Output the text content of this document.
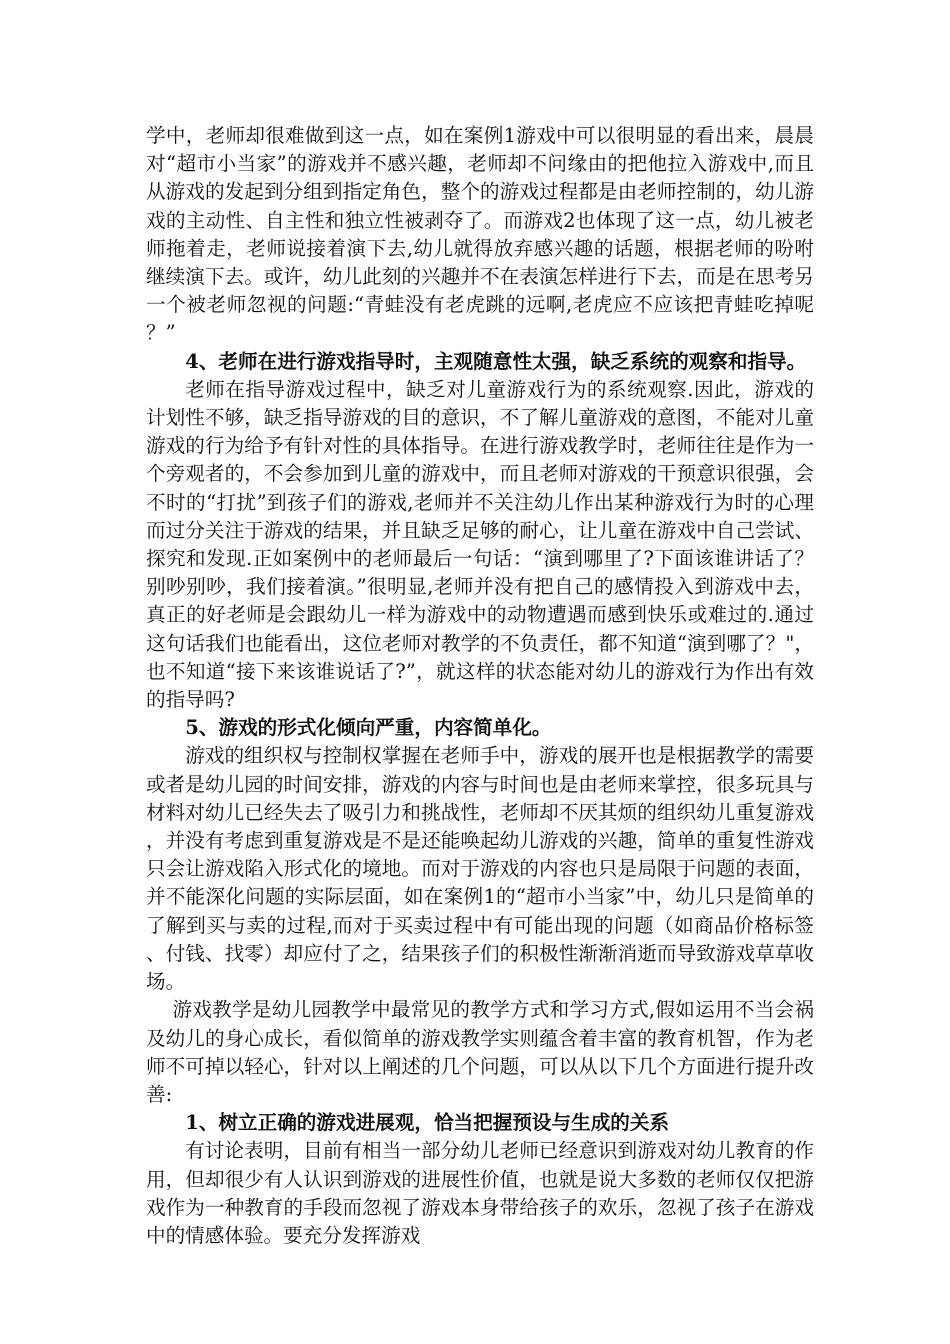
学中，老师却很难做到这一点，如在案例1游戏中可以很明显的看出来，晨晨对“超市小当家”的游戏并不感兴趣，老师却不问缘由的把他拉入游戏中,而且从游戏的发起到分组到指定角色，整个的游戏过程都是由老师控制的，幼儿游戏的主动性、自主性和独立性被剥夺了。而游戏2也体现了这一点，幼儿被老师拖着走，老师说接着演下去,幼儿就得放弃感兴趣的话题，根据老师的吩咐继续演下去。或许，幼儿此刻的兴趣并不在表演怎样进行下去，而是在思考另一个被老师忽视的问题:“青蛙没有老虎跳的远啊,老虎应不应该把青蛙吃掉呢？”

4、老师在进行游戏指导时，主观随意性太强，缺乏系统的观察和指导。

老师在指导游戏过程中，缺乏对儿童游戏行为的系统观察.因此，游戏的计划性不够，缺乏指导游戏的目的意识，不了解儿童游戏的意图，不能对儿童游戏的行为给予有针对性的具体指导。在进行游戏教学时，老师往往是作为一个旁观者的，不会参加到儿童的游戏中，而且老师对游戏的干预意识很强，会不时的“打扰”到孩子们的游戏,老师并不关注幼儿作出某种游戏行为时的心理而过分关注于游戏的结果，并且缺乏足够的耐心，让儿童在游戏中自己尝试、探究和发现.正如案例中的老师最后一句话：“演到哪里了?下面该谁讲话了？别吵别吵，我们接着演。”很明显,老师并没有把自己的感情投入到游戏中去，真正的好老师是会跟幼儿一样为游戏中的动物遭遇而感到快乐或难过的.通过这句话我们也能看出，这位老师对教学的不负责任，都不知道“演到哪了？"，也不知道“接下来该谁说话了?”，就这样的状态能对幼儿的游戏行为作出有效的指导吗?

5、游戏的形式化倾向严重，内容简单化。

游戏的组织权与控制权掌握在老师手中，游戏的展开也是根据教学的需要或者是幼儿园的时间安排，游戏的内容与时间也是由老师来掌控，很多玩具与材料对幼儿已经失去了吸引力和挑战性，老师却不厌其烦的组织幼儿重复游戏，并没有考虑到重复游戏是不是还能唤起幼儿游戏的兴趣，简单的重复性游戏只会让游戏陷入形式化的境地。而对于游戏的内容也只是局限于问题的表面，并不能深化问题的实际层面，如在案例1的“超市小当家”中，幼儿只是简单的了解到买与卖的过程,而对于买卖过程中有可能出现的问题（如商品价格标签、付钱、找零）却应付了之，结果孩子们的积极性渐渐消逝而导致游戏草草收场。

游戏教学是幼儿园教学中最常见的教学方式和学习方式,假如运用不当会祸及幼儿的身心成长，看似简单的游戏教学实则蕴含着丰富的教育机智，作为老师不可掉以轻心，针对以上阐述的几个问题，可以从以下几个方面进行提升改善:

1、树立正确的游戏进展观，恰当把握预设与生成的关系

有讨论表明，目前有相当一部分幼儿老师已经意识到游戏对幼儿教育的作用，但却很少有人认识到游戏的进展性价值，也就是说大多数的老师仅仅把游戏作为一种教育的手段而忽视了游戏本身带给孩子的欢乐，忽视了孩子在游戏中的情感体验。要充分发挥游戏
